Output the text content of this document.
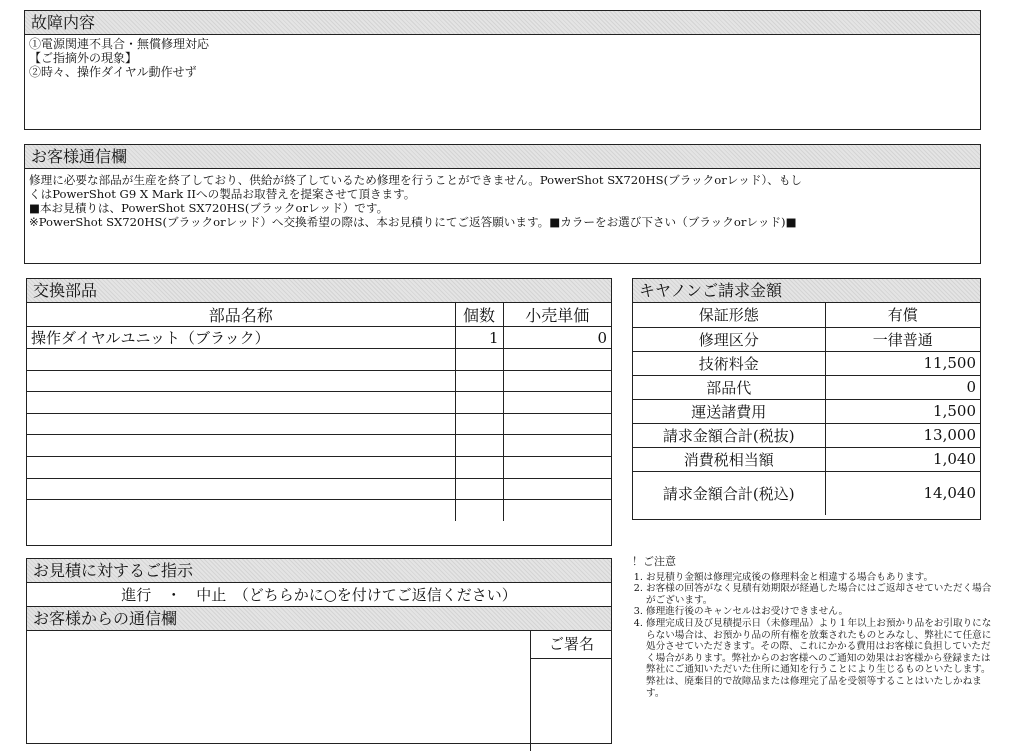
故障内容
①電源関連不具合・無償修理対応
【ご指摘外の現象】
②時々、操作ダイヤル動作せず
お客様通信欄
修理に必要な部品が生産を終了しており、供給が終了しているため修理を行うことができません。PowerShot SX720HS(ブラックorレッド）、もし
くはPowerShot G9 X Mark IIへの製品お取替えを提案させて頂きます。
■本お見積りは、PowerShot SX720HS(ブラックorレッド）です。
※PowerShot SX720HS(ブラックorレッド）へ交換希望の際は、本お見積りにてご返答願います。■カラーをお選び下さい（ブラックorレッド)■
交換部品
部品名称	個数	小売単価
操作ダイヤルユニット（ブラック）	1	0

キヤノンご請求金額
保証形態	有償
修理区分	一律普通
技術料金	11,500
部品代	0
運送諸費用	1,500
請求金額合計(税抜)	13,000
消費税相当額	1,040
請求金額合計(税込)	14,040
お見積に対するご指示
進行　・　中止　（どちらかに○を付けてご返信ください）
お客様からの通信欄
ご署名
！ご注意
1. お見積り金額は修理完成後の修理料金と相違する場合もあります。
2. お客様の回答がなく見積有効期限が経過した場合にはご返却させていただく場合がございます。
3. 修理進行後のキャンセルはお受けできません。
4. 修理完成日及び見積提示日（未修理品）より１年以上お預かり品をお引取りにならない場合は、お預かり品の所有権を放棄されたものとみなし、弊社にて任意に処分させていただきます。その際、これにかかる費用はお客様に負担していただく場合があります。弊社からのお客様へのご通知の効果はお客様から登録または弊社にご通知いただいた住所に通知を行うことにより生じるものといたします。弊社は、廃棄目的で故障品または修理完了品を受領等することはいたしかねます。
